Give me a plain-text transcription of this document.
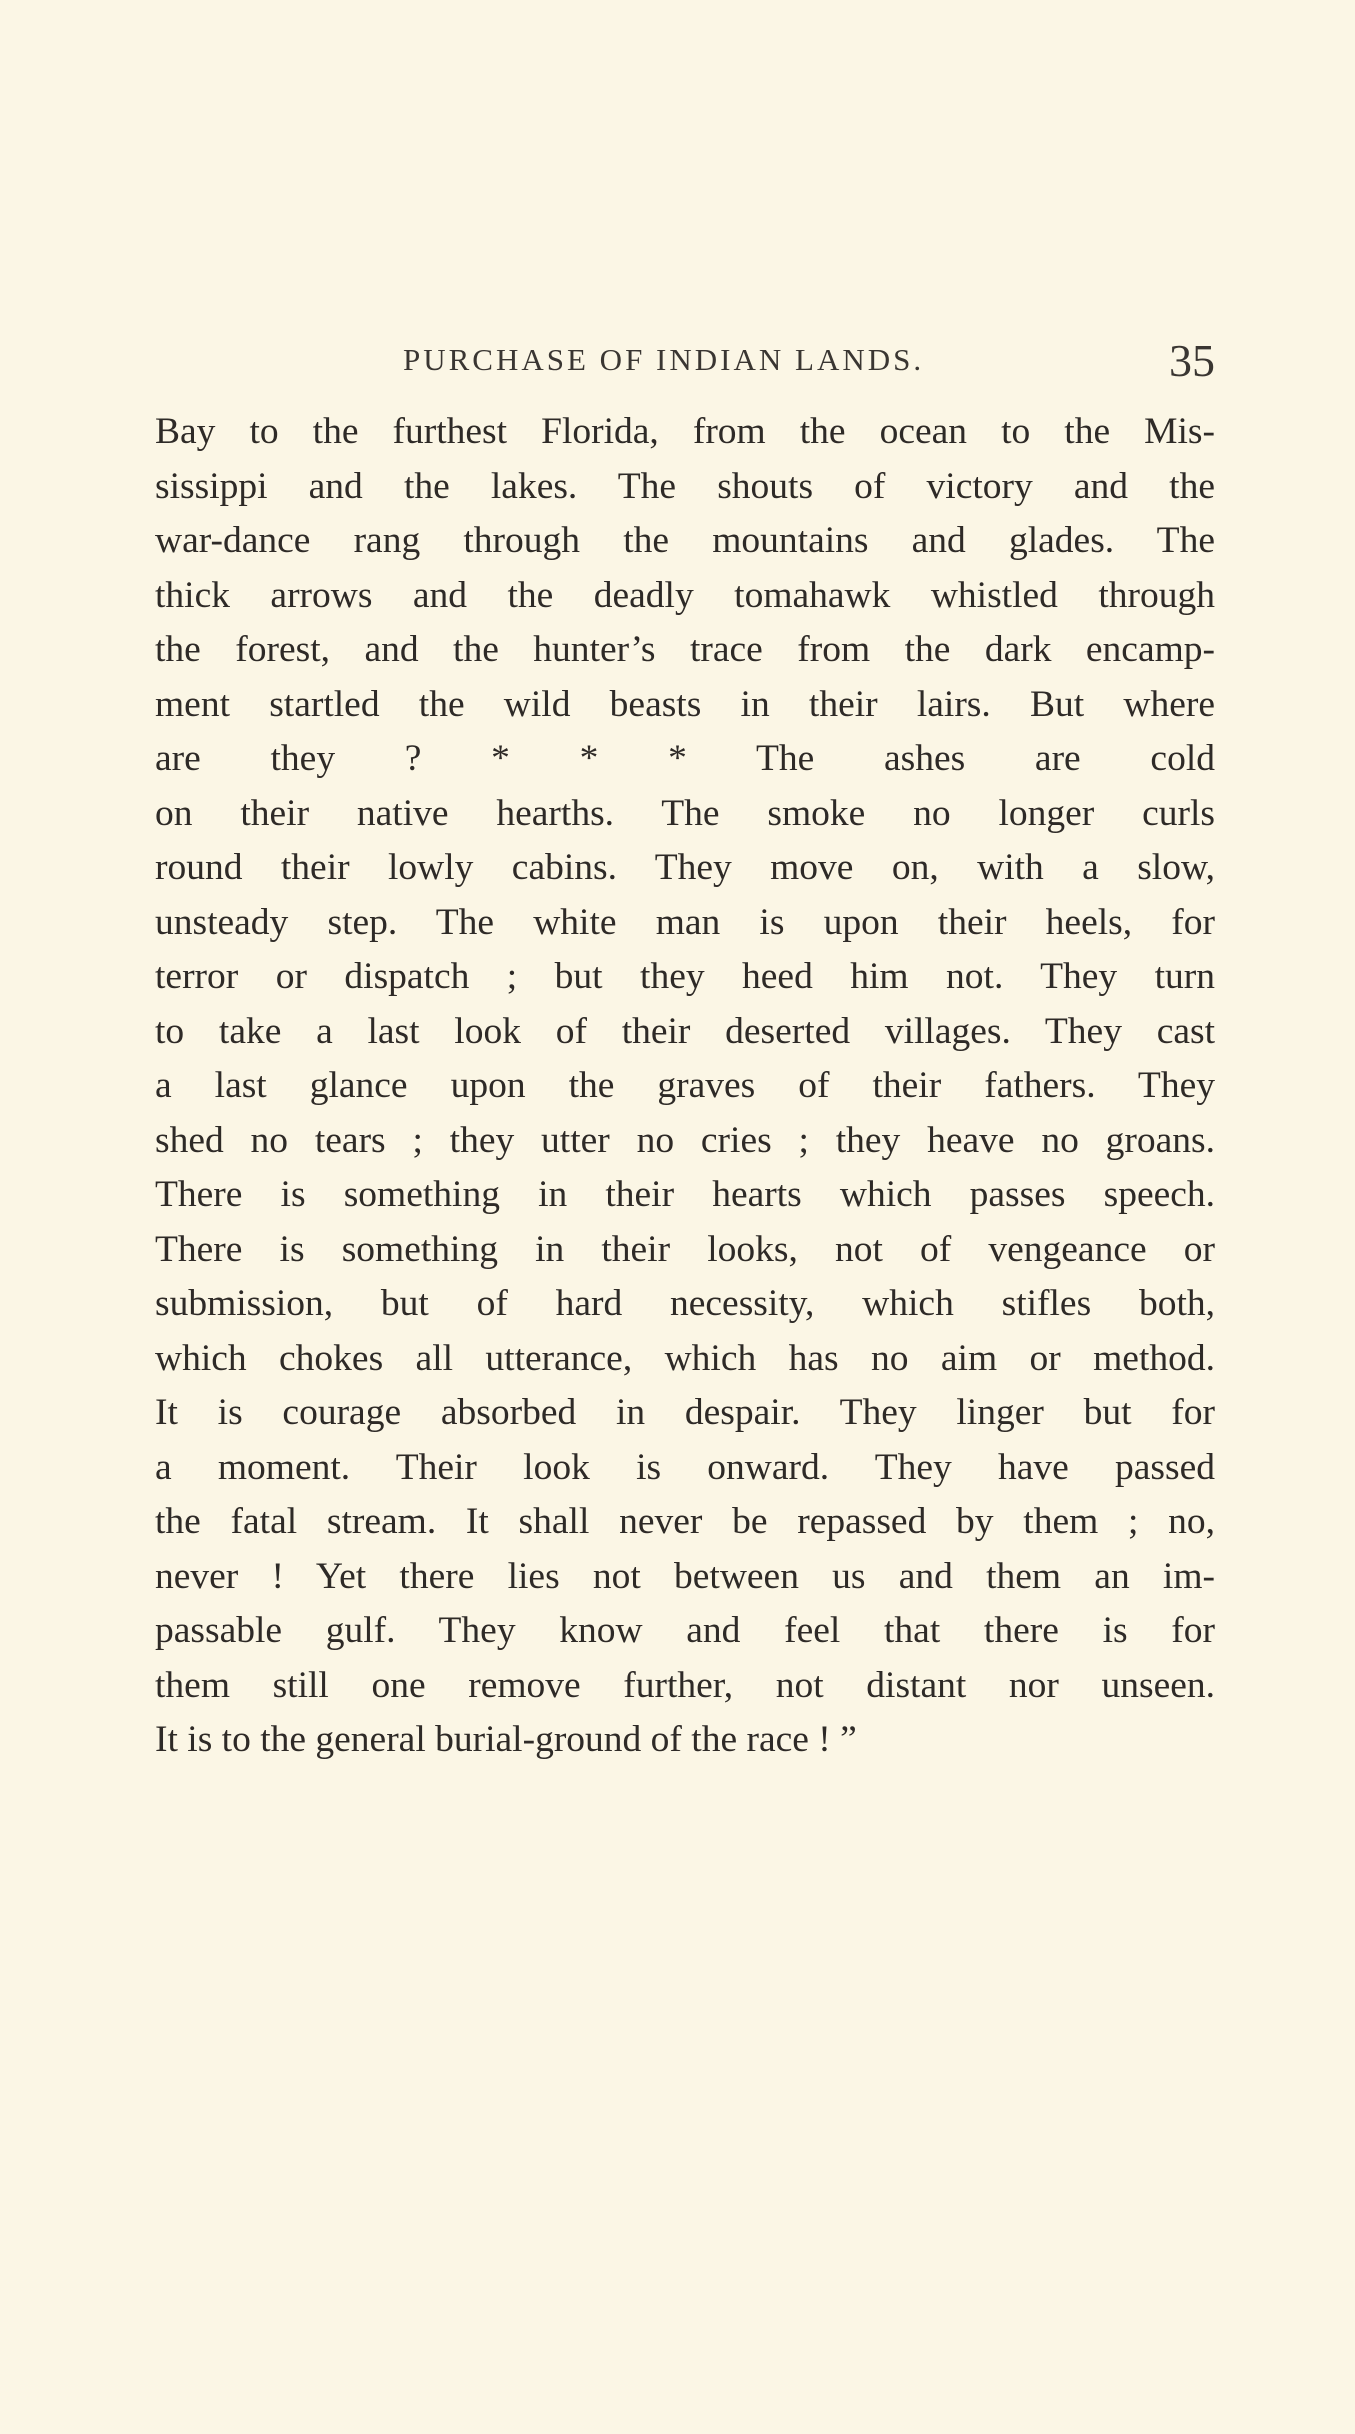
PURCHASE OF INDIAN LANDS.	35
Bay to the furthest Florida, from the ocean to the Mis-
sissippi and the lakes. The shouts of victory and the
war-dance rang through the mountains and glades. The
thick arrows and the deadly tomahawk whistled through
the forest, and the hunter’s trace from the dark encamp-
ment startled the wild beasts in their lairs. But where
are they ? * * * The ashes are cold
on their native hearths. The smoke no longer curls
round their lowly cabins. They move on, with a slow,
unsteady step. The white man is upon their heels, for
terror or dispatch ; but they heed him not. They turn
to take a last look of their deserted villages. They cast
a last glance upon the graves of their fathers. They
shed no tears ; they utter no cries ; they heave no groans.
There is something in their hearts which passes speech.
There is something in their looks, not of vengeance or
submission, but of hard necessity, which stifles both,
which chokes all utterance, which has no aim or method.
It is courage absorbed in despair. They linger but for
a moment. Their look is onward. They have passed
the fatal stream. It shall never be repassed by them ; no,
never ! Yet there lies not between us and them an im-
passable gulf. They know and feel that there is for
them still one remove further, not distant nor unseen.
It is to the general burial-ground of the race ! ”
